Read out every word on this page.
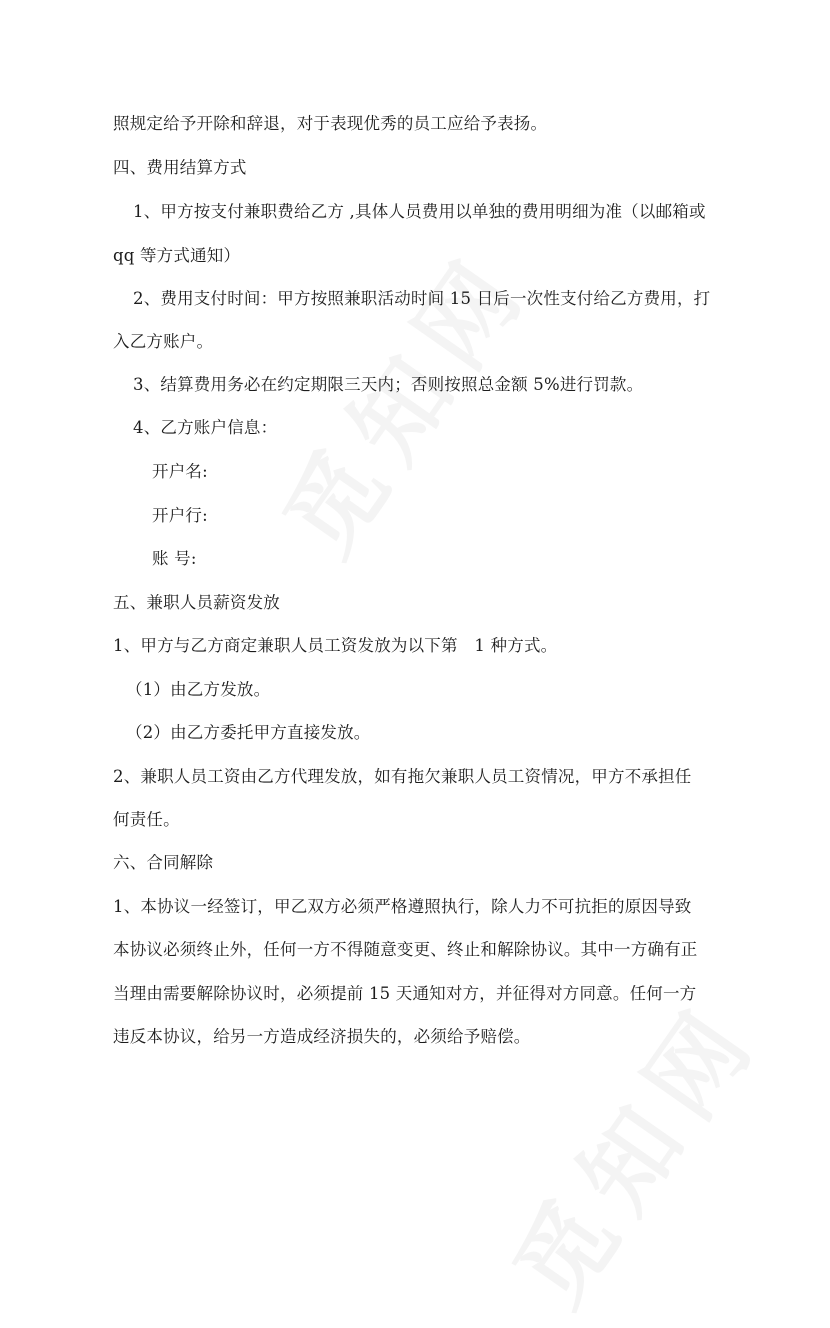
照规定给予开除和辞退，对于表现优秀的员工应给予表扬。
四、费用结算方式
1、甲方按支付兼职费给乙方 ,具体人员费用以单独的费用明细为准（以邮箱或
qq 等方式通知）
2、费用支付时间：甲方按照兼职活动时间 15 日后一次性支付给乙方费用，打
入乙方账户。
3、结算费用务必在约定期限三天内；否则按照总金额 5%进行罚款。
4、乙方账户信息：
开户名:
开户行:
账 号:
五、兼职人员薪资发放
1、甲方与乙方商定兼职人员工资发放为以下第　1 种方式。
（1）由乙方发放。
（2）由乙方委托甲方直接发放。
2、兼职人员工资由乙方代理发放，如有拖欠兼职人员工资情况，甲方不承担任
何责任。
六、合同解除
1、本协议一经签订，甲乙双方必须严格遵照执行，除人力不可抗拒的原因导致
本协议必须终止外，任何一方不得随意变更、终止和解除协议。其中一方确有正
当理由需要解除协议时，必须提前 15 天通知对方，并征得对方同意。任何一方
违反本协议，给另一方造成经济损失的，必须给予赔偿。
